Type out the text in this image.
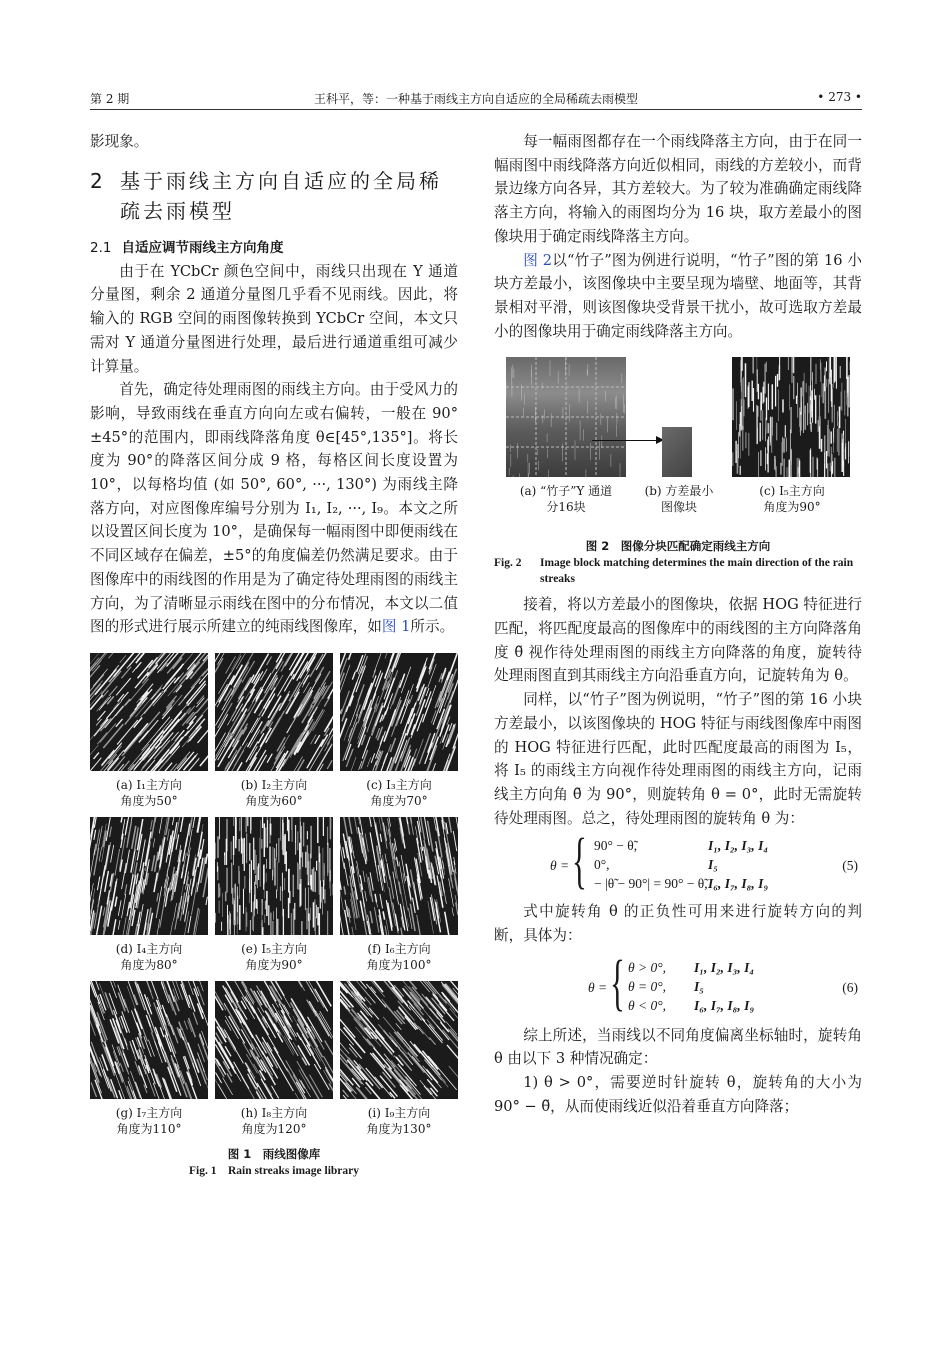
第 2 期	王科平，等：一种基于雨线主方向自适应的全局稀疏去雨模型	• 273 •

影现象。

2 基于雨线主方向自适应的全局稀疏去雨模型
2.1 自适应调节雨线主方向角度

由于在 YCbCr 颜色空间中，雨线只出现在 Y 通道分量图，剩余 2 通道分量图几乎看不见雨线。因此，将输入的 RGB 空间的雨图像转换到 YCbCr 空间，本文只需对 Y 通道分量图进行处理，最后进行通道重组可减少计算量。

首先，确定待处理雨图的雨线主方向。由于受风力的影响，导致雨线在垂直方向向左或右偏转，一般在 90°±45°的范围内，即雨线降落角度 θ∈[45°,135°]。将长度为 90°的降落区间分成 9 格，每格区间长度设置为 10°，以每格均值 (如 50°, 60°, ···, 130°) 为雨线主降落方向，对应图像库编号分别为 I₁, I₂, ···, I₉。本文之所以设置区间长度为 10°，是确保每一幅雨图中即便雨线在不同区域存在偏差，±5°的角度偏差仍然满足要求。由于图像库中的雨线图的作用是为了确定待处理雨图的雨线主方向，为了清晰显示雨线在图中的分布情况，本文以二值图的形式进行展示所建立的纯雨线图像库，如图 1所示。

(a) I₁主方向
角度为50°
(b) I₂主方向
角度为60°
(c) I₃主方向
角度为70°
(d) I₄主方向
角度为80°
(e) I₅主方向
角度为90°
(f) I₆主方向
角度为100°
(g) I₇主方向
角度为110°
(h) I₈主方向
角度为120°
(i) I₉主方向
角度为130°
图 1　雨线图像库
Fig. 1　Rain streaks image library

每一幅雨图都存在一个雨线降落主方向，由于在同一幅雨图中雨线降落方向近似相同，雨线的方差较小，而背景边缘方向各异，其方差较大。为了较为准确确定雨线降落主方向，将输入的雨图均分为 16 块，取方差最小的图像块用于确定雨线降落主方向。

图 2以“竹子”图为例进行说明，“竹子”图的第 16 小块方差最小，该图像块中主要呈现为墙壁、地面等，其背景相对平滑，则该图像块受背景干扰小，故可选取方差最小的图像块用于确定雨线降落主方向。

(a) “竹子”Y 通道
分16块
(b) 方差最小
图像块
(c) I₅主方向
角度为90°
图 2　图像分块匹配确定雨线主方向
Fig. 2 Image block matching determines the main direction of the rain streaks

接着，将以方差最小的图像块，依据 HOG 特征进行匹配，将匹配度最高的图像库中的雨线图的主方向降落角度 θ̃ 视作待处理雨图的雨线主方向降落的角度，旋转待处理雨图直到其雨线主方向沿垂直方向，记旋转角为 θ。

同样，以“竹子”图为例说明，“竹子”图的第 16 小块方差最小，以该图像块的 HOG 特征与雨线图像库中雨图的 HOG 特征进行匹配，此时匹配度最高的雨图为 I₅，将 I₅ 的雨线主方向视作待处理雨图的雨线主方向，记雨线主方向角 θ̃ 为 90°，则旋转角 θ = 0°，此时无需旋转待处理雨图。总之，待处理雨图的旋转角 θ 为：

θ = { 90° − θ̃,
0°,
− |θ̃ − 90°| = 90° − θ̃,
I₁, I₂, I₃, I₄
I₅
I₆, I₇, I₈, I₉
(5)

式中旋转角 θ 的正负性可用来进行旋转方向的判断，具体为：

θ = { θ > 0°,
θ = 0°,
θ < 0°,
I₁, I₂, I₃, I₄
I₅
I₆, I₇, I₈, I₉
(6)

综上所述，当雨线以不同角度偏离坐标轴时，旋转角 θ 由以下 3 种情况确定：

1) θ > 0°，需要逆时针旋转 θ，旋转角的大小为 90° − θ̃，从而使雨线近似沿着垂直方向降落；
